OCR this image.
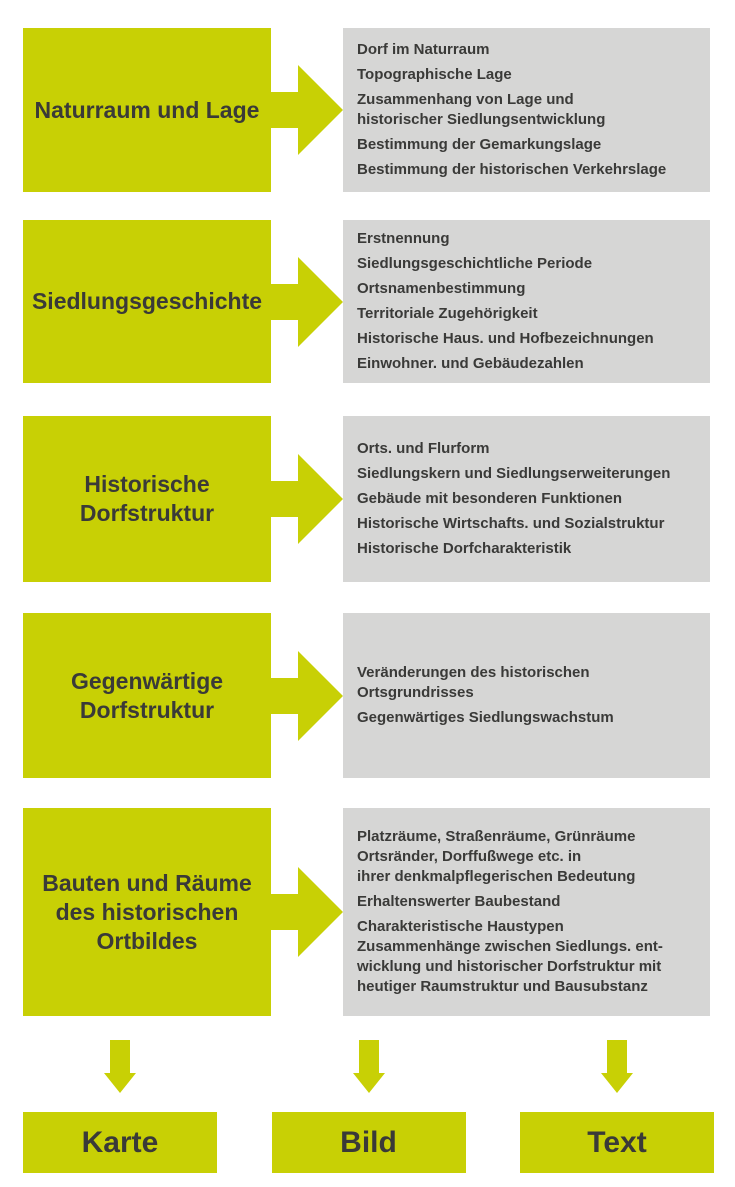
Naturraum und Lage

Dorf im Naturraum

Topographische Lage

Zusammenhang von Lage und
historischer Siedlungsentwicklung

Bestimmung der Gemarkungslage

Bestimmung der historischen Verkehrslage

Siedlungsgeschichte

Erstnennung

Siedlungsgeschichtliche Periode

Ortsnamenbestimmung

Territoriale Zugehörigkeit

Historische Haus. und Hofbezeichnungen

Einwohner. und Gebäudezahlen

Historische
Dorfstruktur

Orts. und Flurform

Siedlungskern und Siedlungserweiterungen

Gebäude mit besonderen Funktionen

Historische Wirtschafts. und Sozialstruktur

Historische Dorfcharakteristik

Gegenwärtige
Dorfstruktur

Veränderungen des historischen
Ortsgrundrisses

Gegenwärtiges Siedlungswachstum

Bauten und Räume
des historischen
Ortbildes

Platzräume, Straßenräume, Grünräume
Ortsränder, Dorffußwege etc. in
ihrer denkmalpflegerischen Bedeutung

Erhaltenswerter Baubestand

Charakteristische Haustypen
Zusammenhänge zwischen Siedlungs. ent-
wicklung und historischer Dorfstruktur mit
heutiger Raumstruktur und Bausubstanz

Karte	Bild	Text
